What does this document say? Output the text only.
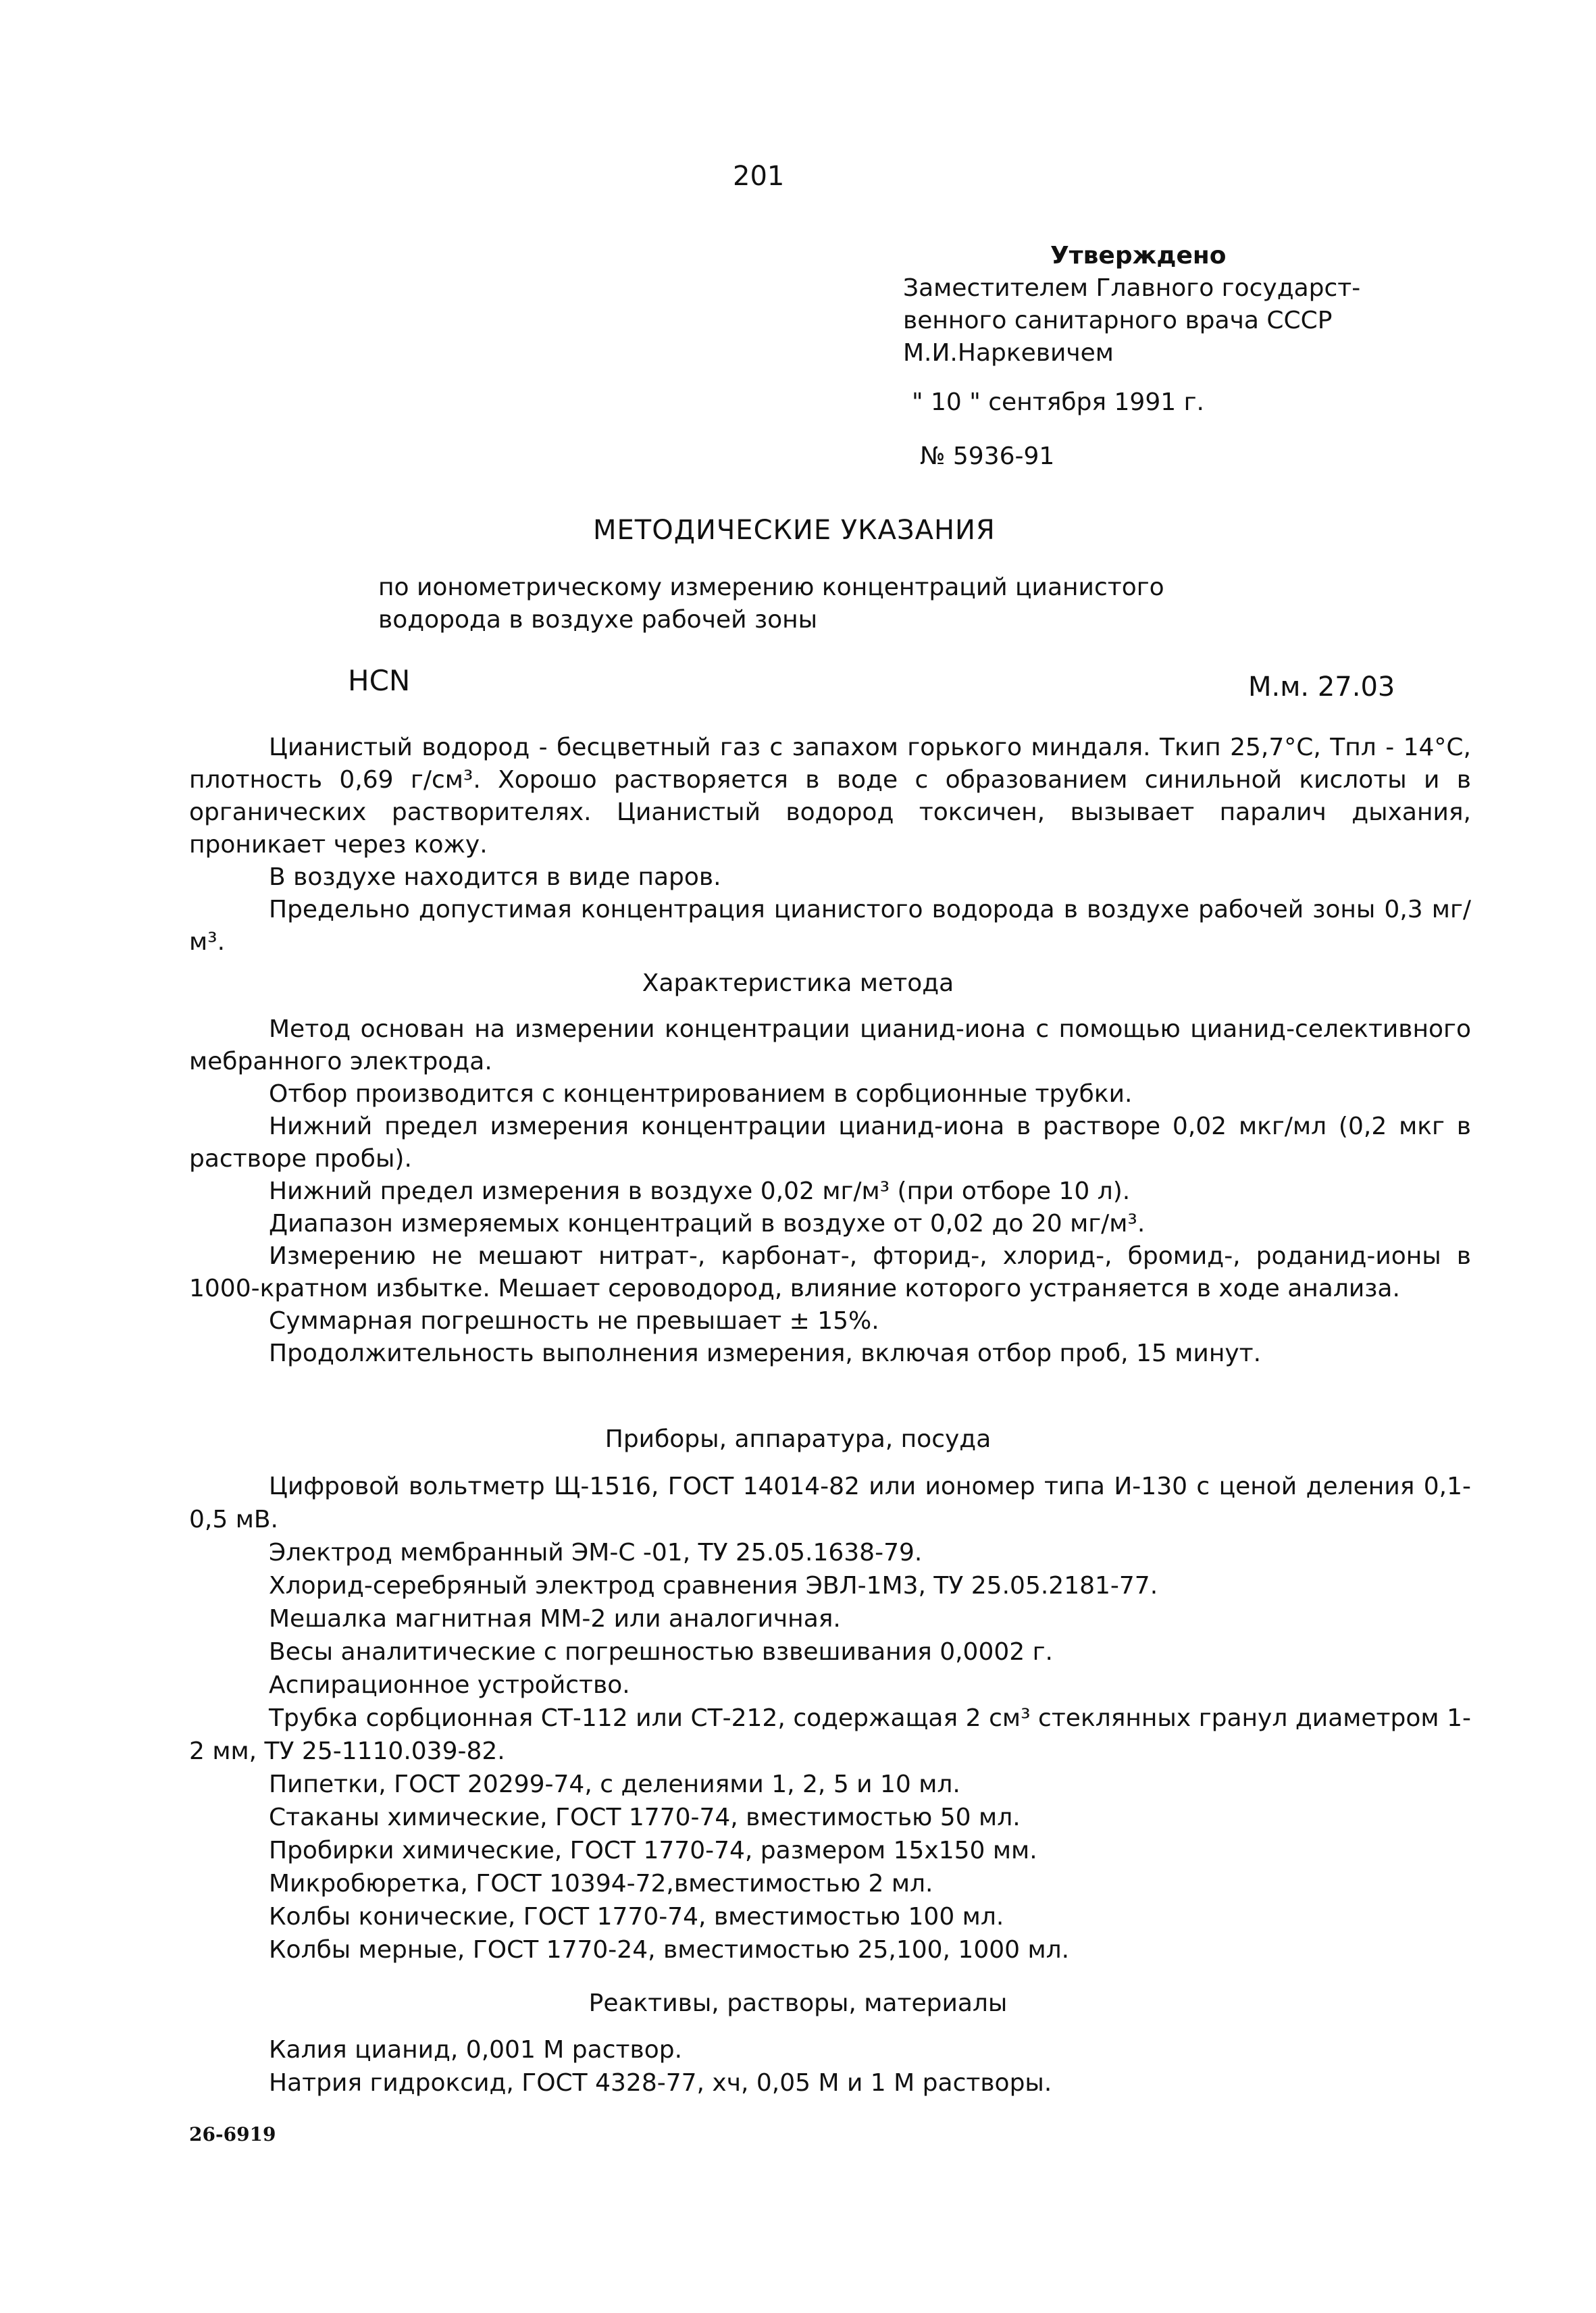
201
Утверждено
Заместителем Главного государст-
венного санитарного врача СССР
М.И.Наркевичем
" 10 " сентября 1991 г.
№ 5936-91
МЕТОДИЧЕСКИЕ УКАЗАНИЯ
по ионометрическому измерению концентраций цианистого водорода в воздухе рабочей зоны
HCN	М.м. 27.03
Цианистый водород - бесцветный газ с запахом горького миндаля. Ткип 25,7°С, Тпл - 14°С, плотность 0,69 г/см³. Хорошо растворяется в воде с образованием синильной кислоты и в органических растворителях. Цианистый водород токсичен, вызывает паралич дыхания, проникает через кожу.
В воздухе находится в виде паров.
Предельно допустимая концентрация цианистого водорода в воздухе рабочей зоны 0,3 мг/м³.
Характеристика метода
Метод основан на измерении концентрации цианид-иона с помощью цианид-селективного мебранного электрода.
Отбор производится с концентрированием в сорбционные трубки.
Нижний предел измерения концентрации цианид-иона в растворе 0,02 мкг/мл (0,2 мкг в растворе пробы).
Нижний предел измерения в воздухе 0,02 мг/м³ (при отборе 10 л).
Диапазон измеряемых концентраций в воздухе от 0,02 до 20 мг/м³.
Измерению не мешают нитрат-, карбонат-, фторид-, хлорид-, бромид-, роданид-ионы в 1000-кратном избытке. Мешает сероводород, влияние которого устраняется в ходе анализа.
Суммарная погрешность не превышает ± 15%.
Продолжительность выполнения измерения, включая отбор проб, 15 минут.
Приборы, аппаратура, посуда
Цифровой вольтметр Щ-1516, ГОСТ 14014-82 или иономер типа И-130 с ценой деления 0,1-0,5 мВ.
Электрод мембранный ЭМ-С -01, ТУ 25.05.1638-79.
Хлорид-серебряный электрод сравнения ЭВЛ-1М3, ТУ 25.05.2181-77.
Мешалка магнитная ММ-2 или аналогичная.
Весы аналитические с погрешностью взвешивания 0,0002 г.
Аспирационное устройство.
Трубка сорбционная СТ-112 или СТ-212, содержащая 2 см³ стеклянных гранул диаметром 1-2 мм, ТУ 25-1110.039-82.
Пипетки, ГОСТ 20299-74, с делениями 1, 2, 5 и 10 мл.
Стаканы химические, ГОСТ 1770-74, вместимостью 50 мл.
Пробирки химические, ГОСТ 1770-74, размером 15х150 мм.
Микробюретка, ГОСТ 10394-72,вместимостью 2 мл.
Колбы конические, ГОСТ 1770-74, вместимостью 100 мл.
Колбы мерные, ГОСТ 1770-24, вместимостью 25,100, 1000 мл.
Реактивы, растворы, материалы
Калия цианид, 0,001 М раствор.
Натрия гидроксид, ГОСТ 4328-77, хч, 0,05 М и 1 М растворы.
26-6919
